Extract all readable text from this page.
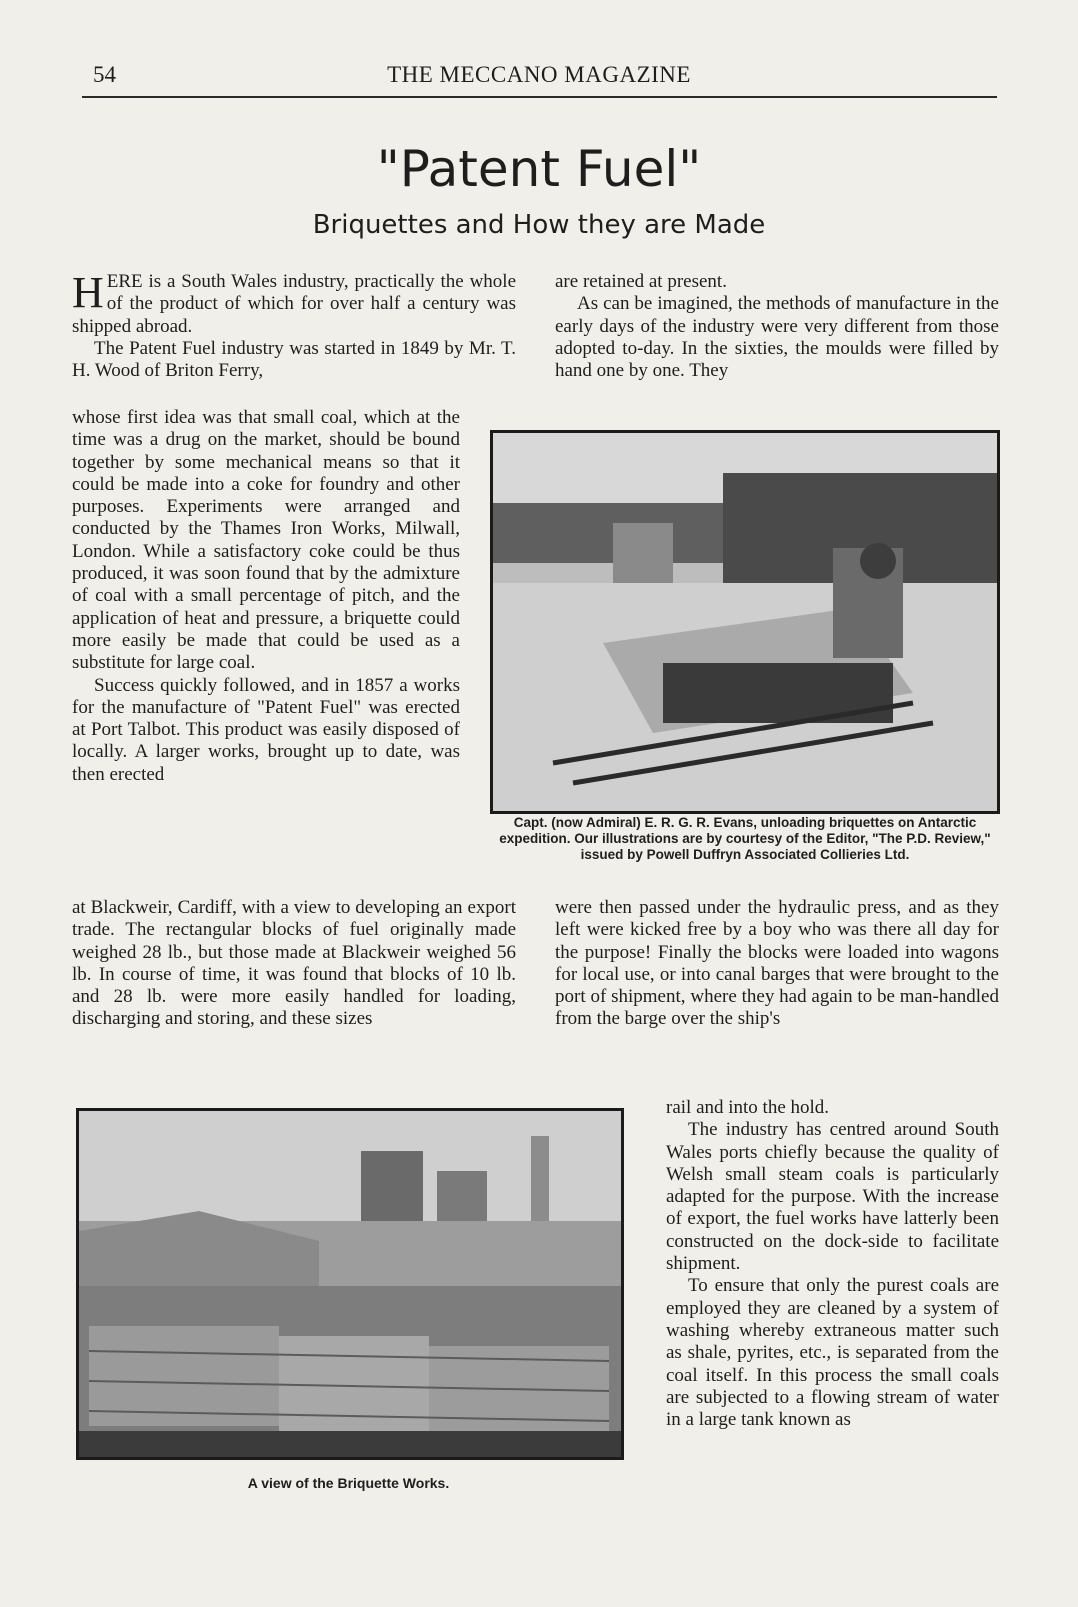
54	THE MECCANO MAGAZINE
"Patent Fuel"
Briquettes and How they are Made

HERE is a South Wales industry, practically the whole of the product of which for over half a century was shipped abroad.

The Patent Fuel industry was started in 1849 by Mr. T. H. Wood of Briton Ferry,

whose first idea was that small coal, which at the time was a drug on the market, should be bound together by some mechanical means so that it could be made into a coke for foundry and other purposes. Experiments were arranged and conducted by the Thames Iron Works, Milwall, London. While a satisfactory coke could be thus produced, it was soon found that by the admixture of coal with a small percentage of pitch, and the application of heat and pressure, a briquette could more easily be made that could be used as a substitute for large coal.

Success quickly followed, and in 1857 a works for the manufacture of "Patent Fuel" was erected at Port Talbot. This product was easily disposed of locally. A larger works, brought up to date, was then erected

at Blackweir, Cardiff, with a view to developing an export trade. The rectangular blocks of fuel originally made weighed 28 lb., but those made at Blackweir weighed 56 lb. In course of time, it was found that blocks of 10 lb. and 28 lb. were more easily handled for loading, discharging and storing, and these sizes

are retained at present.

As can be imagined, the methods of manufacture in the early days of the industry were very different from those adopted to-day. In the sixties, the moulds were filled by hand one by one. They

were then passed under the hydraulic press, and as they left were kicked free by a boy who was there all day for the purpose! Finally the blocks were loaded into wagons for local use, or into canal barges that were brought to the port of shipment, where they had again to be man-handled from the barge over the ship's

rail and into the hold.

The industry has centred around South Wales ports chiefly because the quality of Welsh small steam coals is particularly adapted for the purpose. With the increase of export, the fuel works have latterly been constructed on the dock-side to facilitate shipment.

To ensure that only the purest coals are employed they are cleaned by a system of washing whereby extraneous matter such as shale, pyrites, etc., is separated from the coal itself. In this process the small coals are subjected to a flowing stream of water in a large tank known as

Capt. (now Admiral) E. R. G. R. Evans, unloading briquettes on Antarctic expedition. Our illustrations are by courtesy of the Editor, "The P.D. Review," issued by Powell Duffryn Associated Collieries Ltd.
A view of the Briquette Works.
